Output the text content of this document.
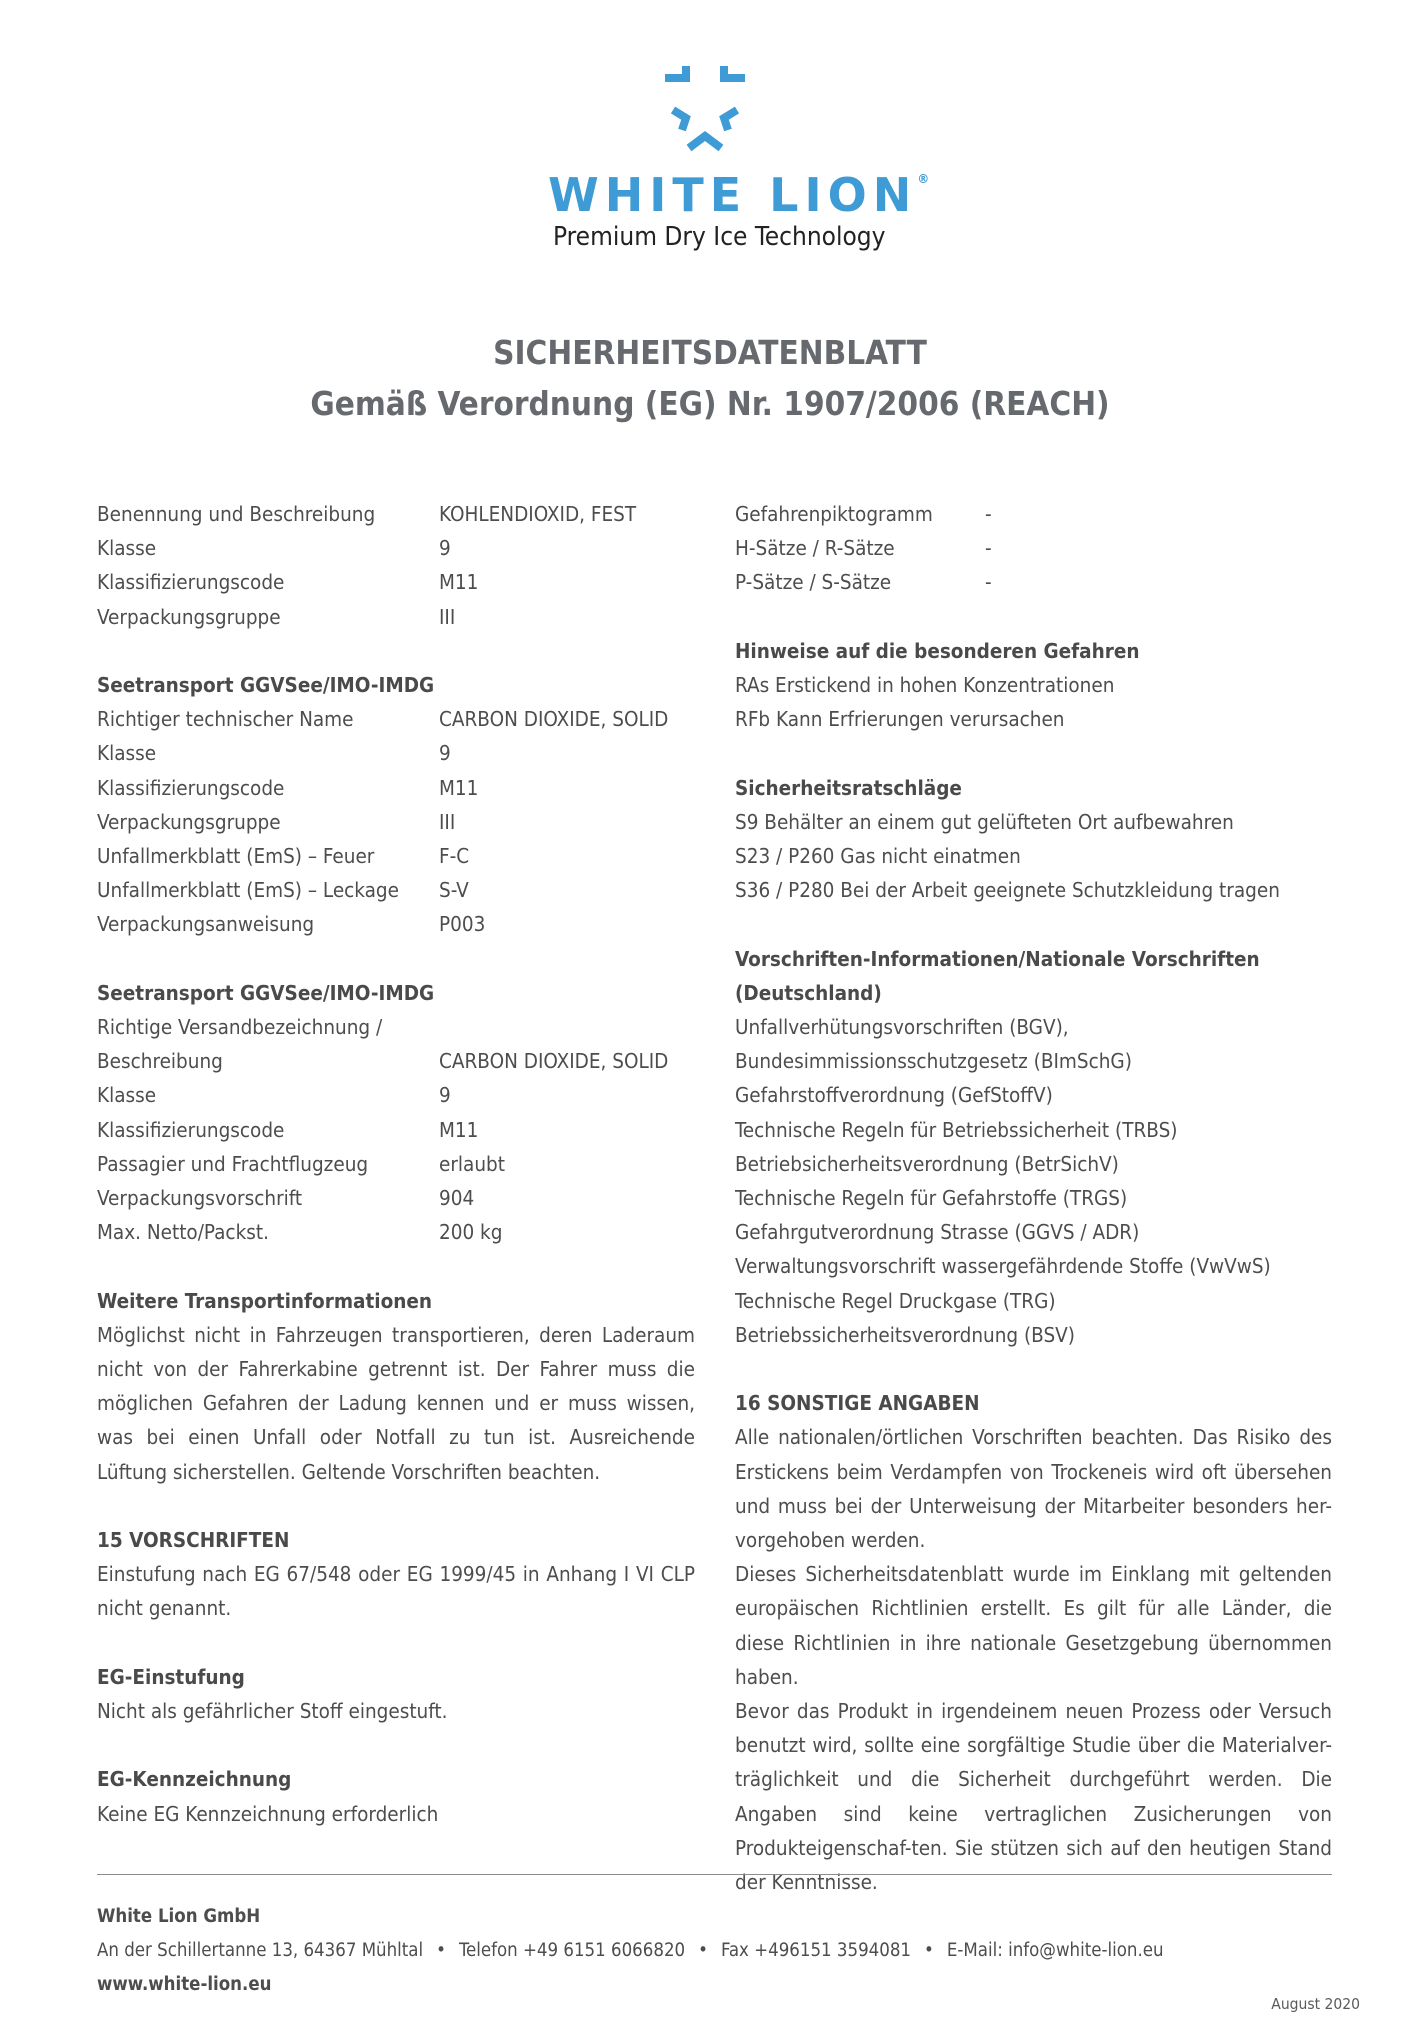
WHITE LION®
Premium Dry Ice Technology
SICHERHEITSDATENBLATT
Gemäß Verordnung (EG) Nr. 1907/2006 (REACH)
Benennung und Beschreibung	KOHLENDIOXID, FEST
Klasse	9
Klassifizierungscode	M11
Verpackungsgruppe	III
Seetransport GGVSee/IMO-IMDG
Richtiger technischer Name	CARBON DIOXIDE, SOLID
Klasse	9
Klassifizierungscode	M11
Verpackungsgruppe	III
Unfallmerkblatt (EmS) – Feuer	F-C
Unfallmerkblatt (EmS) – Leckage	S-V
Verpackungsanweisung	P003
Seetransport GGVSee/IMO-IMDG
Richtige Versandbezeichnung /
Beschreibung	CARBON DIOXIDE, SOLID
Klasse	9
Klassifizierungscode	M11
Passagier und Frachtflugzeug	erlaubt
Verpackungsvorschrift	904
Max. Netto/Packst.	200 kg
Weitere Transportinformationen
Möglichst nicht in Fahrzeugen transportieren, deren Laderaum nicht von der Fahrerkabine getrennt ist. Der Fahrer muss die möglichen Gefahren der Ladung kennen und er muss wissen, was bei einen Unfall oder Notfall zu tun ist. Ausreichende Lüftung sicherstellen. Geltende Vorschriften beachten.
15 VORSCHRIFTEN
Einstufung nach EG 67/548 oder EG 1999/45 in Anhang I VI CLP nicht genannt.
EG-Einstufung
Nicht als gefährlicher Stoff eingestuft.
EG-Kennzeichnung
Keine EG Kennzeichnung erforderlich
Gefahrenpiktogramm	-
H-Sätze / R-Sätze	-
P-Sätze / S-Sätze	-
Hinweise auf die besonderen Gefahren
RAs Erstickend in hohen Konzentrationen
RFb Kann Erfrierungen verursachen
Sicherheitsratschläge
S9 Behälter an einem gut gelüfteten Ort aufbewahren
S23 / P260 Gas nicht einatmen
S36 / P280 Bei der Arbeit geeignete Schutzkleidung tragen
Vorschriften-Informationen/Nationale Vorschriften
(Deutschland)
Unfallverhütungsvorschriften (BGV),
Bundesimmissionsschutzgesetz (BImSchG)
Gefahrstoffverordnung (GefStoffV)
Technische Regeln für Betriebssicherheit (TRBS)
Betriebsicherheitsverordnung (BetrSichV)
Technische Regeln für Gefahrstoffe (TRGS)
Gefahrgutverordnung Strasse (GGVS / ADR)
Verwaltungsvorschrift wassergefährdende Stoffe (VwVwS)
Technische Regel Druckgase (TRG)
Betriebssicherheitsverordnung (BSV)
16 SONSTIGE ANGABEN
Alle nationalen/örtlichen Vorschriften beachten. Das Risiko des Erstickens beim Verdampfen von Trockeneis wird oft übersehen und muss bei der Unterweisung der Mitarbeiter besonders her-vorgehoben werden.
Dieses Sicherheitsdatenblatt wurde im Einklang mit geltenden europäischen Richtlinien erstellt. Es gilt für alle Länder, die diese Richtlinien in ihre nationale Gesetzgebung übernommen haben.
Bevor das Produkt in irgendeinem neuen Prozess oder Versuch benutzt wird, sollte eine sorgfältige Studie über die Materialver-träglichkeit und die Sicherheit durchgeführt werden. Die Angaben sind keine vertraglichen Zusicherungen von Produkteigenschaf-ten. Sie stützen sich auf den heutigen Stand der Kenntnisse.
White Lion GmbH
An der Schillertanne 13, 64367 Mühltal • Telefon +49 6151 6066820 • Fax +496151 3594081 • E-Mail: info@white-lion.eu
www.white-lion.eu
August 2020
